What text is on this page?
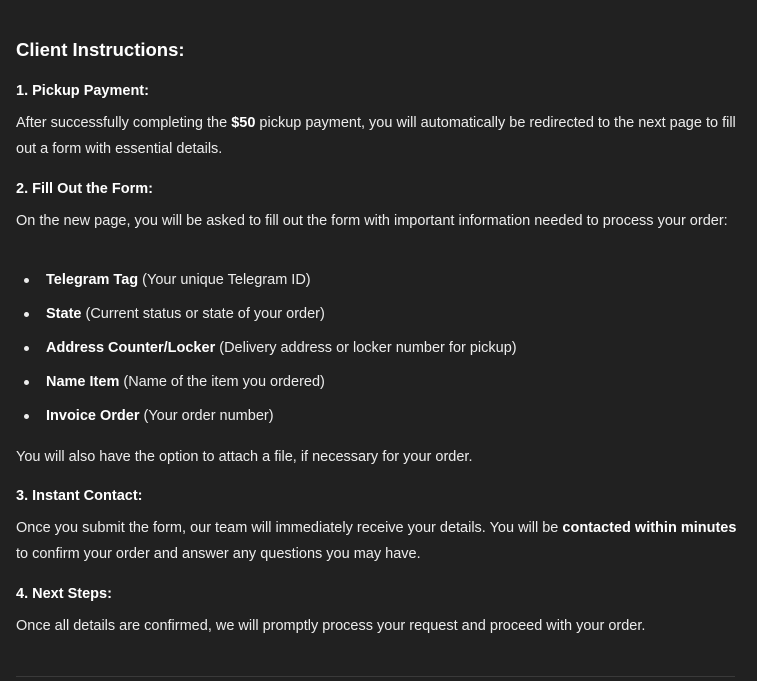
Client Instructions:

1. Pickup Payment:

After successfully completing the $50 pickup payment, you will automatically be redirected to the next page to fill out a form with essential details.

2. Fill Out the Form:

On the new page, you will be asked to fill out the form with important information needed to process your order:

Telegram Tag (Your unique Telegram ID)
State (Current status or state of your order)
Address Counter/Locker (Delivery address or locker number for pickup)
Name Item (Name of the item you ordered)
Invoice Order (Your order number)

You will also have the option to attach a file, if necessary for your order.

3. Instant Contact:

Once you submit the form, our team will immediately receive your details. You will be contacted within minutes to confirm your order and answer any questions you may have.

4. Next Steps:

Once all details are confirmed, we will promptly process your request and proceed with your order.
